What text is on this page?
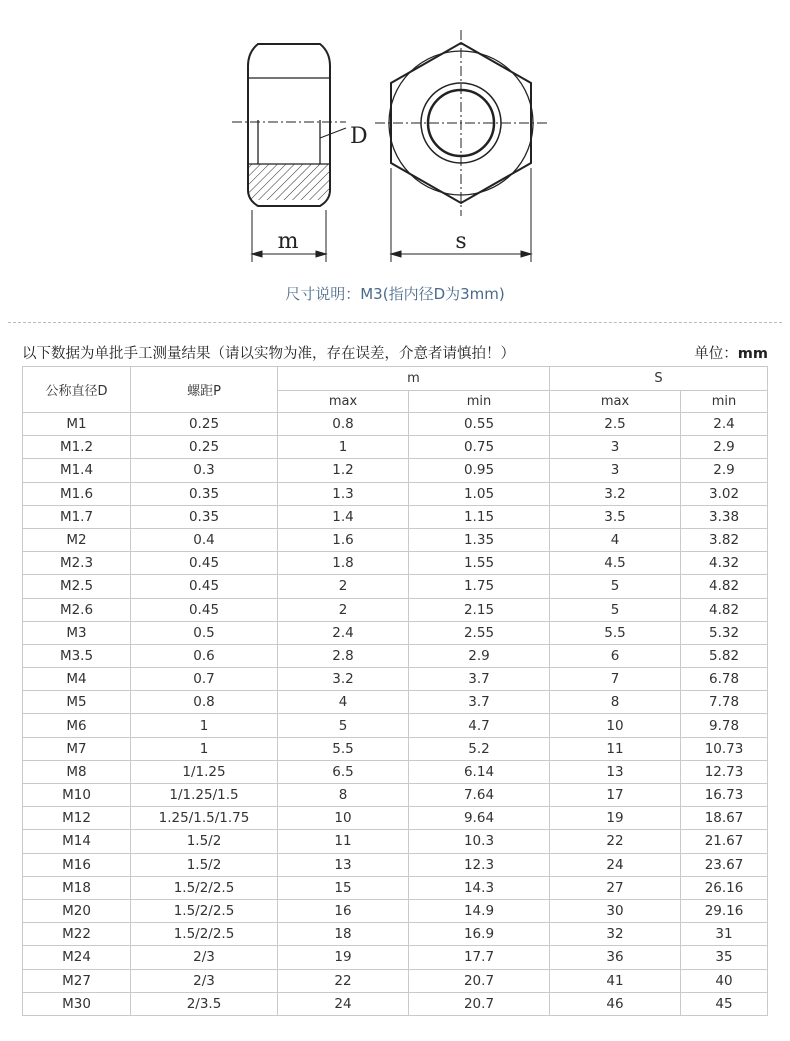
D
m	s
尺寸说明：M3(指内径D为3mm)
以下数据为单批手工测量结果（请以实物为准，存在误差，介意者请慎拍！）	单位：mm
公称直径D	螺距P	m		S	
		max	min	max	min
M1	0.25	0.8	0.55	2.5	2.4
M1.2	0.25	1	0.75	3	2.9
M1.4	0.3	1.2	0.95	3	2.9
M1.6	0.35	1.3	1.05	3.2	3.02
M1.7	0.35	1.4	1.15	3.5	3.38
M2	0.4	1.6	1.35	4	3.82
M2.3	0.45	1.8	1.55	4.5	4.32
M2.5	0.45	2	1.75	5	4.82
M2.6	0.45	2	2.15	5	4.82
M3	0.5	2.4	2.55	5.5	5.32
M3.5	0.6	2.8	2.9	6	5.82
M4	0.7	3.2	3.7	7	6.78
M5	0.8	4	3.7	8	7.78
M6	1	5	4.7	10	9.78
M7	1	5.5	5.2	11	10.73
M8	1/1.25	6.5	6.14	13	12.73
M10	1/1.25/1.5	8	7.64	17	16.73
M12	1.25/1.5/1.75	10	9.64	19	18.67
M14	1.5/2	11	10.3	22	21.67
M16	1.5/2	13	12.3	24	23.67
M18	1.5/2/2.5	15	14.3	27	26.16
M20	1.5/2/2.5	16	14.9	30	29.16
M22	1.5/2/2.5	18	16.9	32	31
M24	2/3	19	17.7	36	35
M27	2/3	22	20.7	41	40
M30	2/3.5	24	20.7	46	45
